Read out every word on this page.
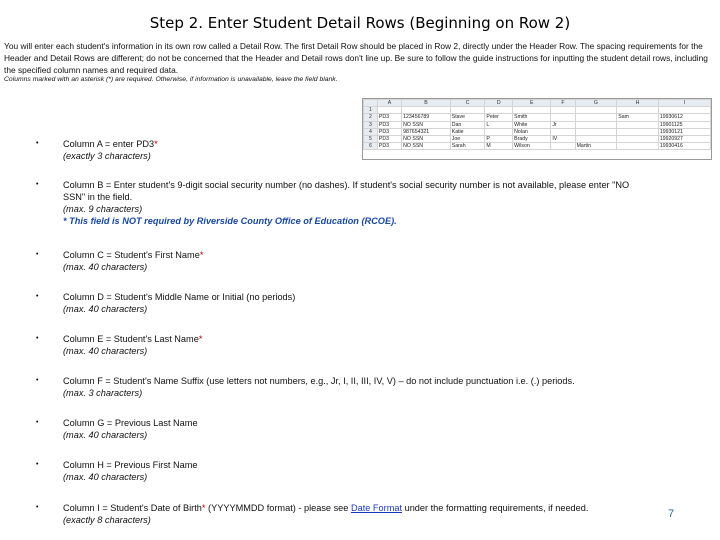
Step 2. Enter Student Detail Rows (Beginning on Row 2)
You will enter each student's information in its own row called a Detail Row. The first Detail Row should be placed in Row 2, directly under the Header Row. The spacing requirements for the Header and Detail Rows are different; do not be concerned that the Header and Detail rows don't line up. Be sure to follow the guide instructions for inputting the student detail rows, including the specified column names and required data.
Columns marked with an asterisk (*) are required. Otherwise, if information is unavailable, leave the field blank.
	A	B	C	D	E	F	G	H	I
1									
2	PD3	123456789	Stave	Peter	Smith			Sam	19930612
3	PD3	NO SSN	Dan	L	White	Jr			19901125
4	PD3	987654321	Katie		Nolan				19930121
5	PD3	NO SSN	Joe	P	Brady	IV			19920927
6	PD3	NO SSN	Sarah	M	Wilson		Martin		19930416
•	Column A = enter PD3*
(exactly 3 characters)
•	Column B = Enter student's 9-digit social security number (no dashes). If student's social security number is not available, please enter "NO SSN" in the field.
(max. 9 characters)
* This field is NOT required by Riverside County Office of Education (RCOE).
•	Column C = Student's First Name*
(max. 40 characters)
•	Column D = Student's Middle Name or Initial (no periods)
(max. 40 characters)
•	Column E = Student's Last Name*
(max. 40 characters)
•	Column F = Student's Name Suffix (use letters not numbers, e.g., Jr, I, II, III, IV, V) – do not include punctuation i.e. (.) periods.
(max. 3 characters)
•	Column G = Previous Last Name
(max. 40 characters)
•	Column H = Previous First Name
(max. 40 characters)
•	Column I = Student's Date of Birth* (YYYYMMDD format) - please see Date Format under the formatting requirements, if needed.
(exactly 8 characters)	7
